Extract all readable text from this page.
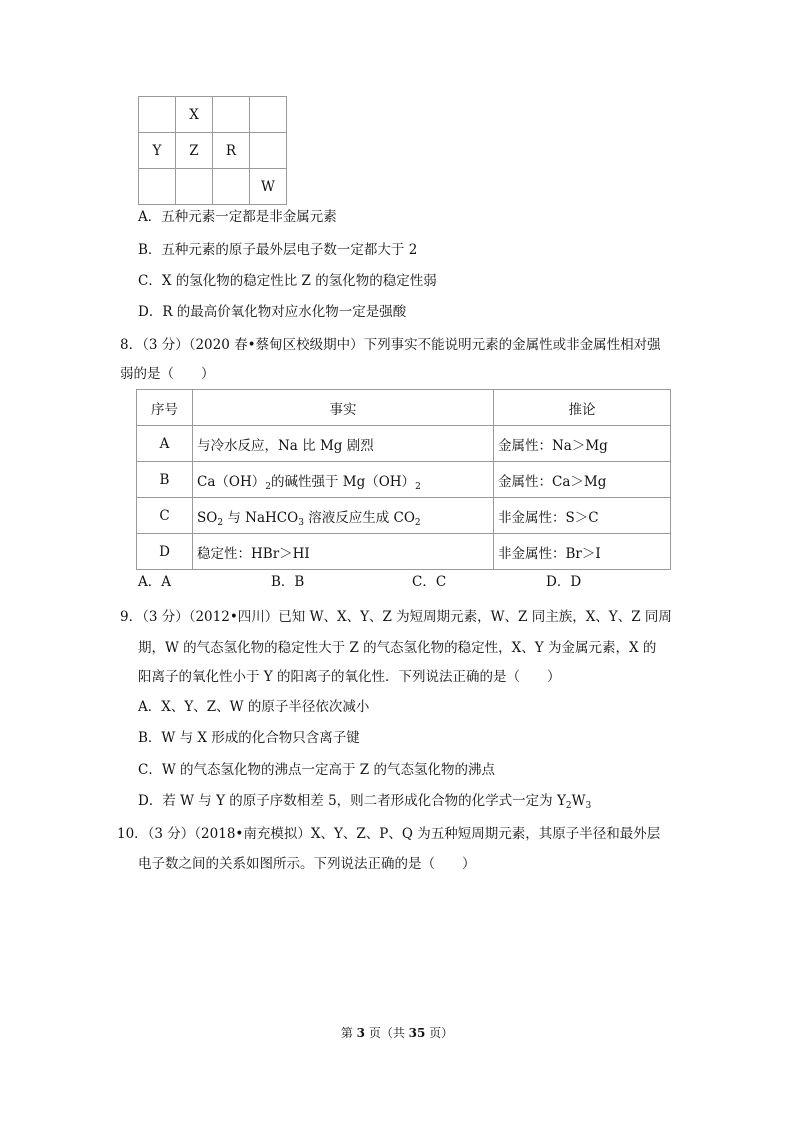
	X		
Y	Z	R	
			W
A．五种元素一定都是非金属元素
B．五种元素的原子最外层电子数一定都大于 2
C．X 的氢化物的稳定性比 Z 的氢化物的稳定性弱
D．R 的最高价氧化物对应水化物一定是强酸
8．（3 分）（2020 春•蔡甸区校级期中）下列事实不能说明元素的金属性或非金属性相对强
弱的是（　　）
序号	事实	推论
A	与冷水反应，Na 比 Mg 剧烈	金属性：Na＞Mg
B	$Ca(OH)_2$的碱性强于 $Mg(OH)_2$	金属性：Ca＞Mg
C	$SO_2$ 与 NaHCO$_3$ 溶液反应生成 $CO_2$	非金属性：S＞C
D	稳定性：HBr＞HI	非金属性：Br＞I
A．A	B．B	C．C	D．D
9．（3 分）（2012•四川）已知 W、X、Y、Z 为短周期元素，W、Z 同主族，X、Y、Z 同周
期，W 的气态氢化物的稳定性大于 Z 的气态氢化物的稳定性，X、Y 为金属元素，X 的
阳离子的氧化性小于 Y 的阳离子的氧化性．下列说法正确的是（　　）
A．X、Y、Z、W 的原子半径依次减小
B．W 与 X 形成的化合物只含离子键
C．W 的气态氢化物的沸点一定高于 Z 的气态氢化物的沸点
D．若 W 与 Y 的原子序数相差 5，则二者形成化合物的化学式一定为 $Y_2W_3$
10．（3 分）（2018•南充模拟）X、Y、Z、P、Q 为五种短周期元素，其原子半径和最外层
电子数之间的关系如图所示。下列说法正确的是（　　）
第 3 页（共 35 页）
